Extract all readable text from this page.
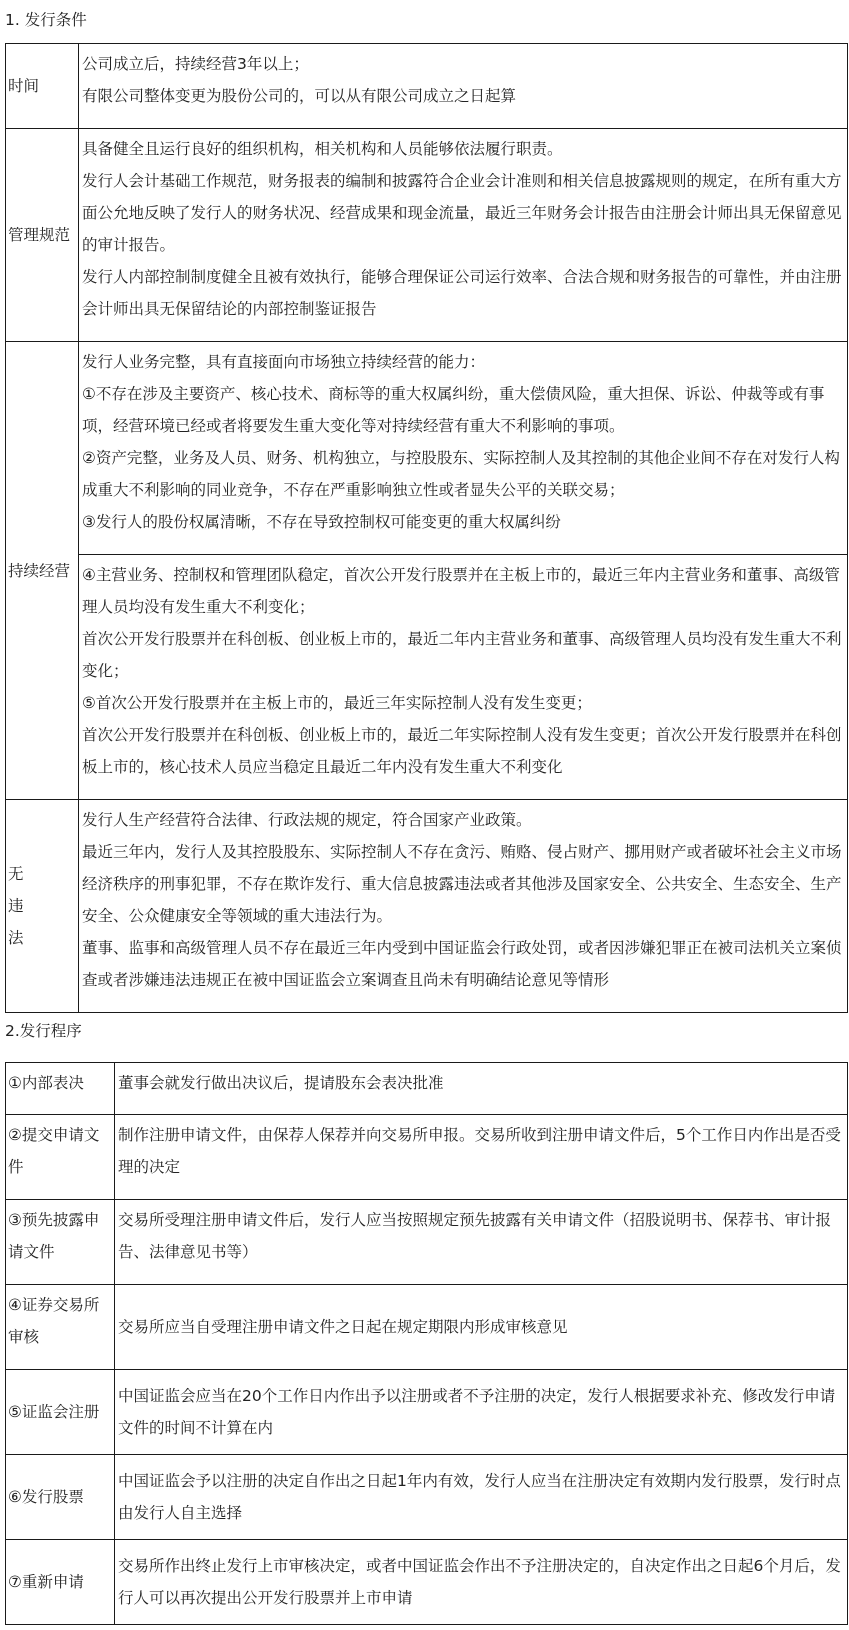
1. 发行条件
时间	公司成立后，持续经营3年以上；
有限公司整体变更为股份公司的，可以从有限公司成立之日起算

管理规范	具备健全且运行良好的组织机构，相关机构和人员能够依法履行职责。
发行人会计基础工作规范，财务报表的编制和披露符合企业会计准则和相关信息披露规则的规定，在所有重大方面公允地反映了发行人的财务状况、经营成果和现金流量，最近三年财务会计报告由注册会计师出具无保留意见的审计报告。
发行人内部控制制度健全且被有效执行，能够合理保证公司运行效率、合法合规和财务报告的可靠性，并由注册会计师出具无保留结论的内部控制鉴证报告

持续经营	发行人业务完整，具有直接面向市场独立持续经营的能力：
①不存在涉及主要资产、核心技术、商标等的重大权属纠纷，重大偿债风险，重大担保、诉讼、仲裁等或有事项，经营环境已经或者将要发生重大变化等对持续经营有重大不利影响的事项。
②资产完整，业务及人员、财务、机构独立，与控股股东、实际控制人及其控制的其他企业间不存在对发行人构成重大不利影响的同业竞争，不存在严重影响独立性或者显失公平的关联交易；
③发行人的股份权属清晰，不存在导致控制权可能变更的重大权属纠纷

	④主营业务、控制权和管理团队稳定，首次公开发行股票并在主板上市的，最近三年内主营业务和董事、高级管理人员均没有发生重大不利变化；
首次公开发行股票并在科创板、创业板上市的，最近二年内主营业务和董事、高级管理人员均没有发生重大不利变化；
⑤首次公开发行股票并在主板上市的，最近三年实际控制人没有发生变更；
首次公开发行股票并在科创板、创业板上市的，最近二年实际控制人没有发生变更；首次公开发行股票并在科创板上市的，核心技术人员应当稳定且最近二年内没有发生重大不利变化

无违法	发行人生产经营符合法律、行政法规的规定，符合国家产业政策。
最近三年内，发行人及其控股股东、实际控制人不存在贪污、贿赂、侵占财产、挪用财产或者破坏社会主义市场经济秩序的刑事犯罪，不存在欺诈发行、重大信息披露违法或者其他涉及国家安全、公共安全、生态安全、生产安全、公众健康安全等领域的重大违法行为。
董事、监事和高级管理人员不存在最近三年内受到中国证监会行政处罚，或者因涉嫌犯罪正在被司法机关立案侦查或者涉嫌违法违规正在被中国证监会立案调查且尚未有明确结论意见等情形
2.发行程序
①内部表决	董事会就发行做出决议后，提请股东会表决批准
②提交申请文件	制作注册申请文件，由保荐人保荐并向交易所申报。交易所收到注册申请文件后，5个工作日内作出是否受理的决定
③预先披露申请文件	交易所受理注册申请文件后，发行人应当按照规定预先披露有关申请文件（招股说明书、保荐书、审计报告、法律意见书等）
④证券交易所审核	交易所应当自受理注册申请文件之日起在规定期限内形成审核意见
⑤证监会注册	中国证监会应当在20个工作日内作出予以注册或者不予注册的决定，发行人根据要求补充、修改发行申请文件的时间不计算在内
⑥发行股票	中国证监会予以注册的决定自作出之日起1年内有效，发行人应当在注册决定有效期内发行股票，发行时点由发行人自主选择
⑦重新申请	交易所作出终止发行上市审核决定，或者中国证监会作出不予注册决定的，自决定作出之日起6个月后，发行人可以再次提出公开发行股票并上市申请
